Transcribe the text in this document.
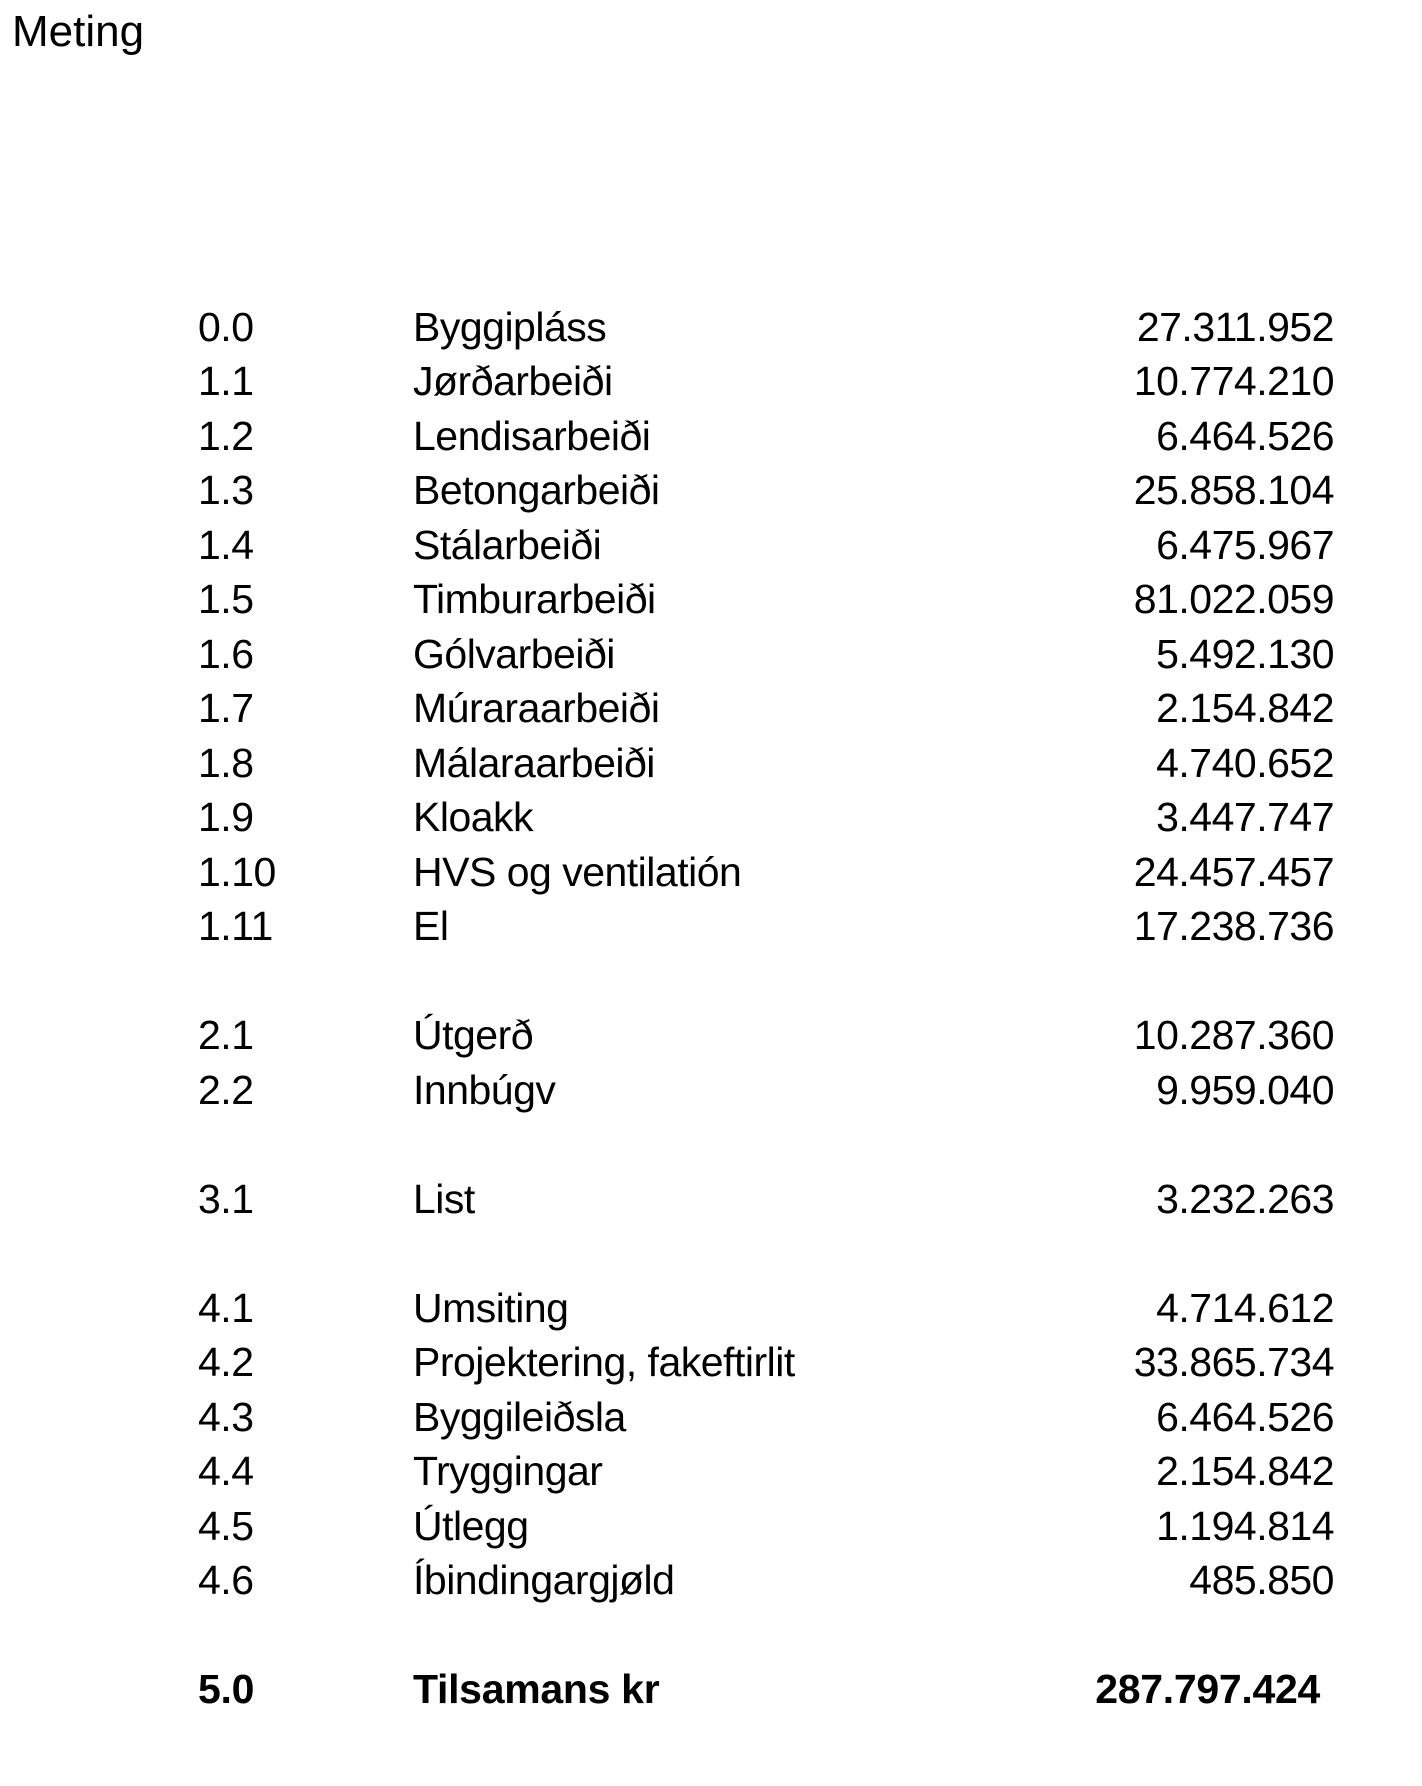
Meting
0.0	Byggipláss	27.311.952
1.1	Jørðarbeiði	10.774.210
1.2	Lendisarbeiði	6.464.526
1.3	Betongarbeiði	25.858.104
1.4	Stálarbeiði	6.475.967
1.5	Timburarbeiði	81.022.059
1.6	Gólvarbeiði	5.492.130
1.7	Múraraarbeiði	2.154.842
1.8	Málaraarbeiði	4.740.652
1.9	Kloakk	3.447.747
1.10	HVS og ventilatión	24.457.457
1.11	El	17.238.736
2.1	Útgerð	10.287.360
2.2	Innbúgv	9.959.040
3.1	List	3.232.263
4.1	Umsiting	4.714.612
4.2	Projektering, fakeftirlit	33.865.734
4.3	Byggileiðsla	6.464.526
4.4	Tryggingar	2.154.842
4.5	Útlegg	1.194.814
4.6	Íbindingargjøld	485.850
5.0	Tilsamans kr	287.797.424
